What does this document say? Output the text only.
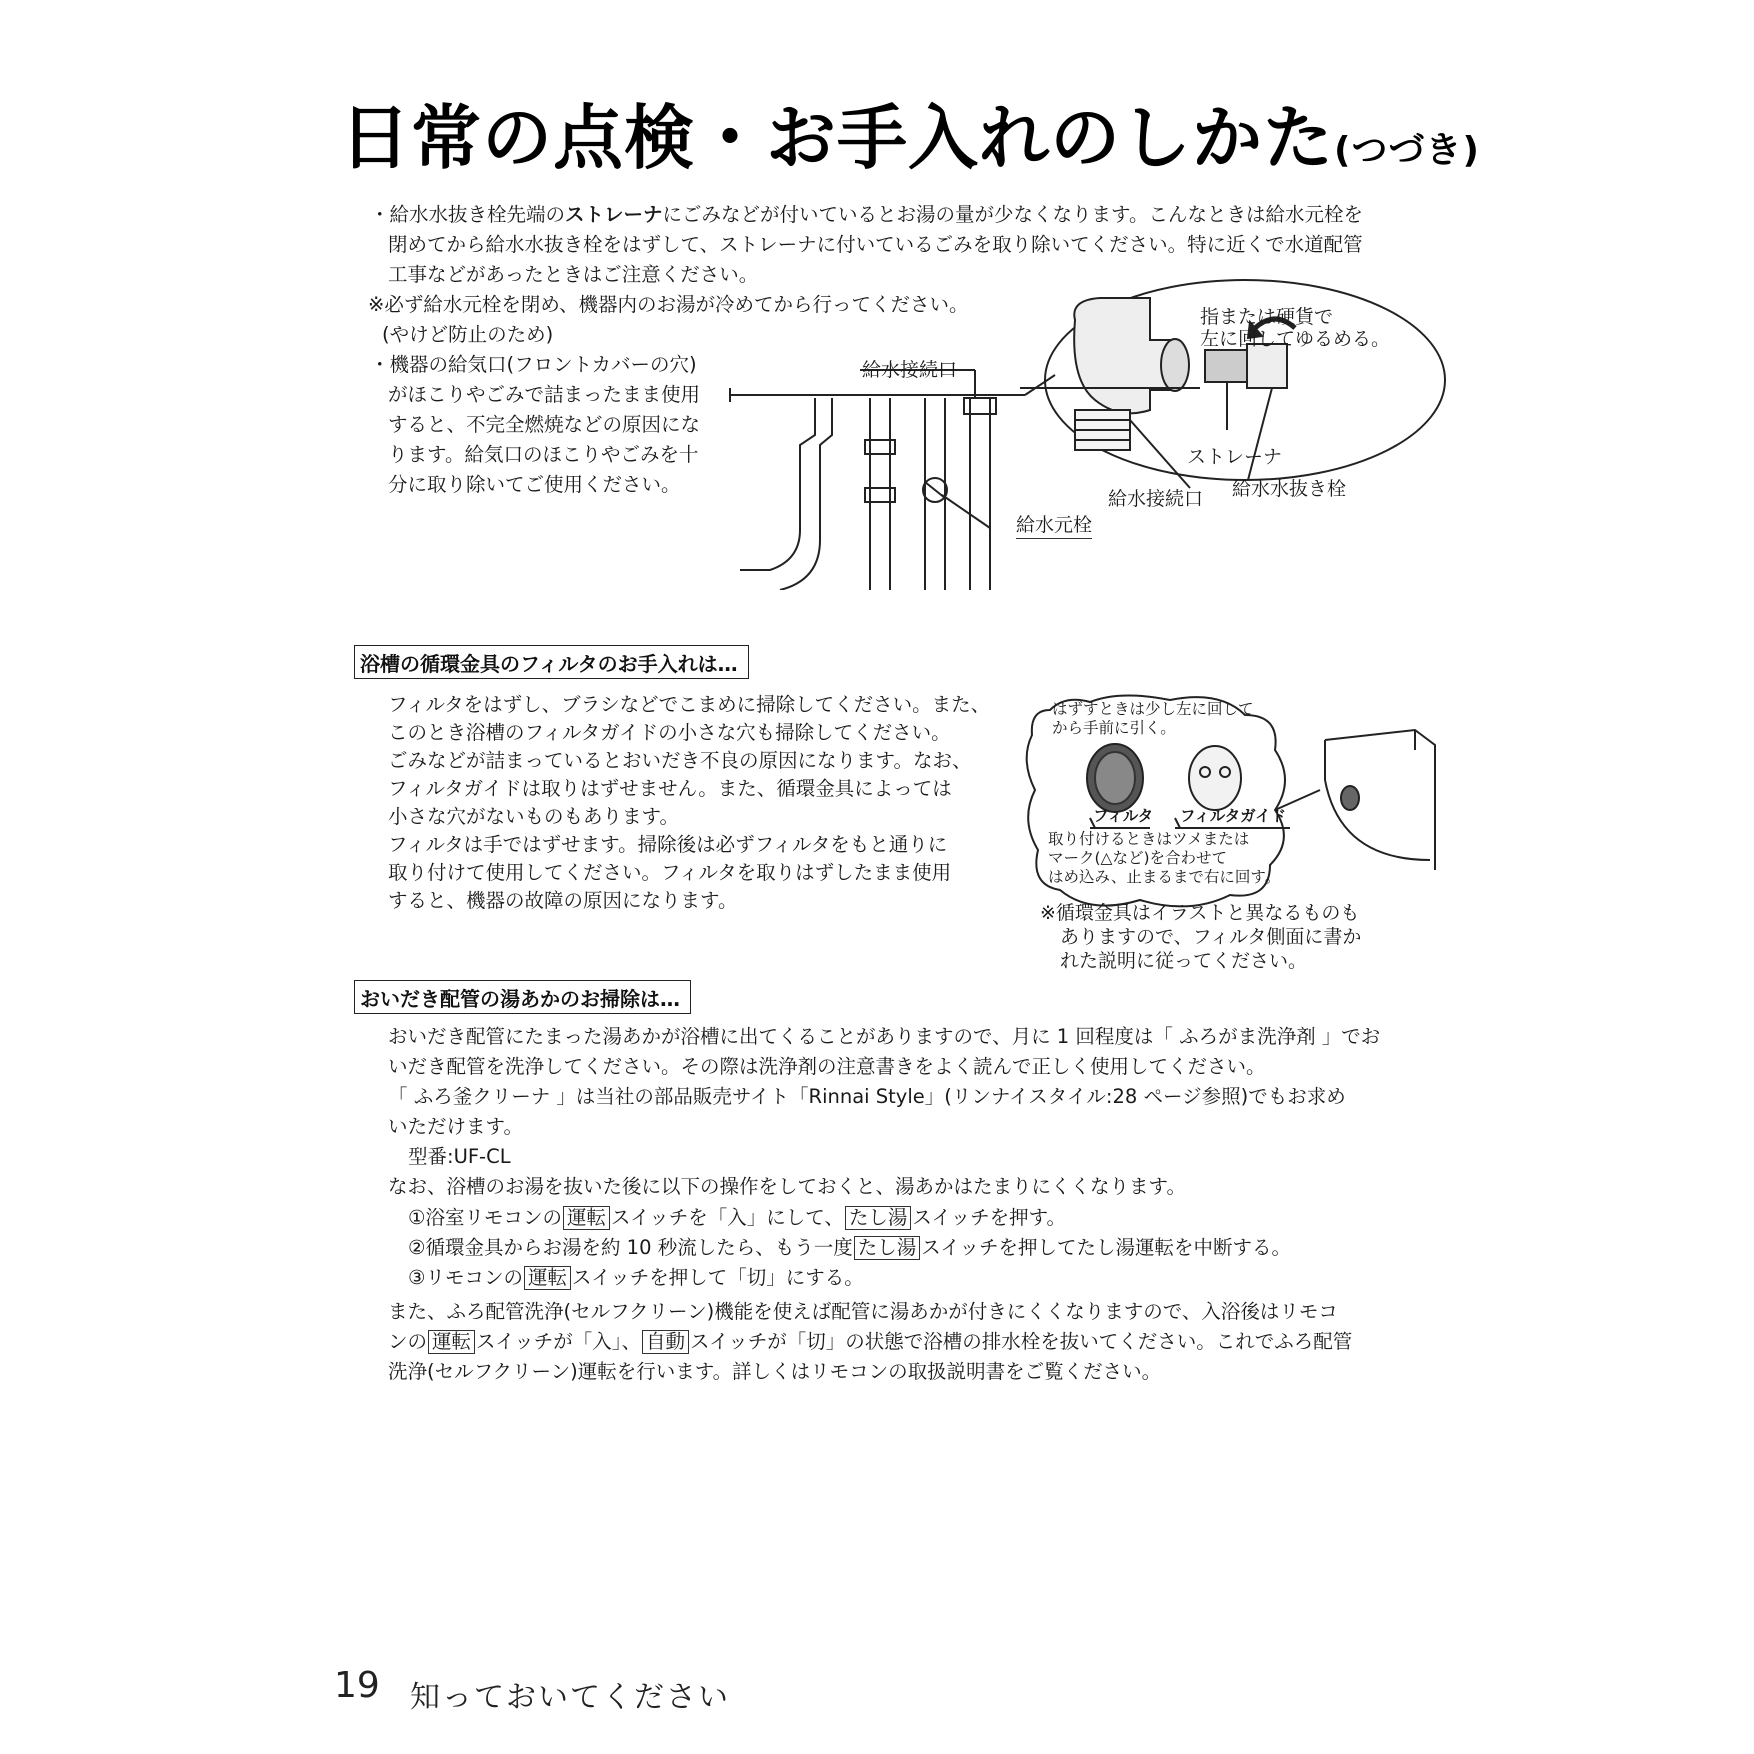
日常の点検・お手入れのしかた(つづき)
・給水水抜き栓先端のストレーナにごみなどが付いているとお湯の量が少なくなります。こんなときは給水元栓を
閉めてから給水水抜き栓をはずして、ストレーナに付いているごみを取り除いてください。特に近くで水道配管
工事などがあったときはご注意ください。
※必ず給水元栓を閉め、機器内のお湯が冷めてから行ってください。
(やけど防止のため)
・機器の給気口(フロントカバーの穴)
がほこりやごみで詰まったまま使用
すると、不完全燃焼などの原因にな
ります。給気口のほこりやごみを十
分に取り除いてご使用ください。
給水接続口
給水元栓
指または硬貨で
左に回してゆるめる。
ストレーナ
給水接続口 給水水抜き栓
浴槽の循環金具のフィルタのお手入れは…
フィルタをはずし、ブラシなどでこまめに掃除してください。また、
このとき浴槽のフィルタガイドの小さな穴も掃除してください。
ごみなどが詰まっているとおいだき不良の原因になります。なお、
フィルタガイドは取りはずせません。また、循環金具によっては
小さな穴がないものもあります。
フィルタは手ではずせます。掃除後は必ずフィルタをもと通りに
取り付けて使用してください。フィルタを取りはずしたまま使用
すると、機器の故障の原因になります。
はずすときは少し左に回して
から手前に引く。
フィルタ フィルタガイド
取り付けるときはツメまたは
マーク(△など)を合わせて
はめ込み、止まるまで右に回す。
※循環金具はイラストと異なるものも
ありますので、フィルタ側面に書か
れた説明に従ってください。
おいだき配管の湯あかのお掃除は…
おいだき配管にたまった湯あかが浴槽に出てくることがありますので、月に 1 回程度は「 ふろがま洗浄剤 」でお
いだき配管を洗浄してください。その際は洗浄剤の注意書きをよく読んで正しく使用してください。
「 ふろ釜クリーナ 」は当社の部品販売サイト「Rinnai Style」(リンナイスタイル:28 ページ参照)でもお求め
いただけます。
型番:UF-CL
なお、浴槽のお湯を抜いた後に以下の操作をしておくと、湯あかはたまりにくくなります。
①浴室リモコンの 運転 スイッチを「入」にして、 たし湯 スイッチを押す。
②循環金具からお湯を約 10 秒流したら、もう一度 たし湯 スイッチを押してたし湯運転を中断する。
③リモコンの 運転 スイッチを押して「切」にする。
また、ふろ配管洗浄(セルフクリーン)機能を使えば配管に湯あかが付きにくくなりますので、入浴後はリモコ
ンの 運転 スイッチが「入」、 自動 スイッチが「切」の状態で浴槽の排水栓を抜いてください。これでふろ配管
洗浄(セルフクリーン)運転を行います。詳しくはリモコンの取扱説明書をご覧ください。
19 知っておいてください
